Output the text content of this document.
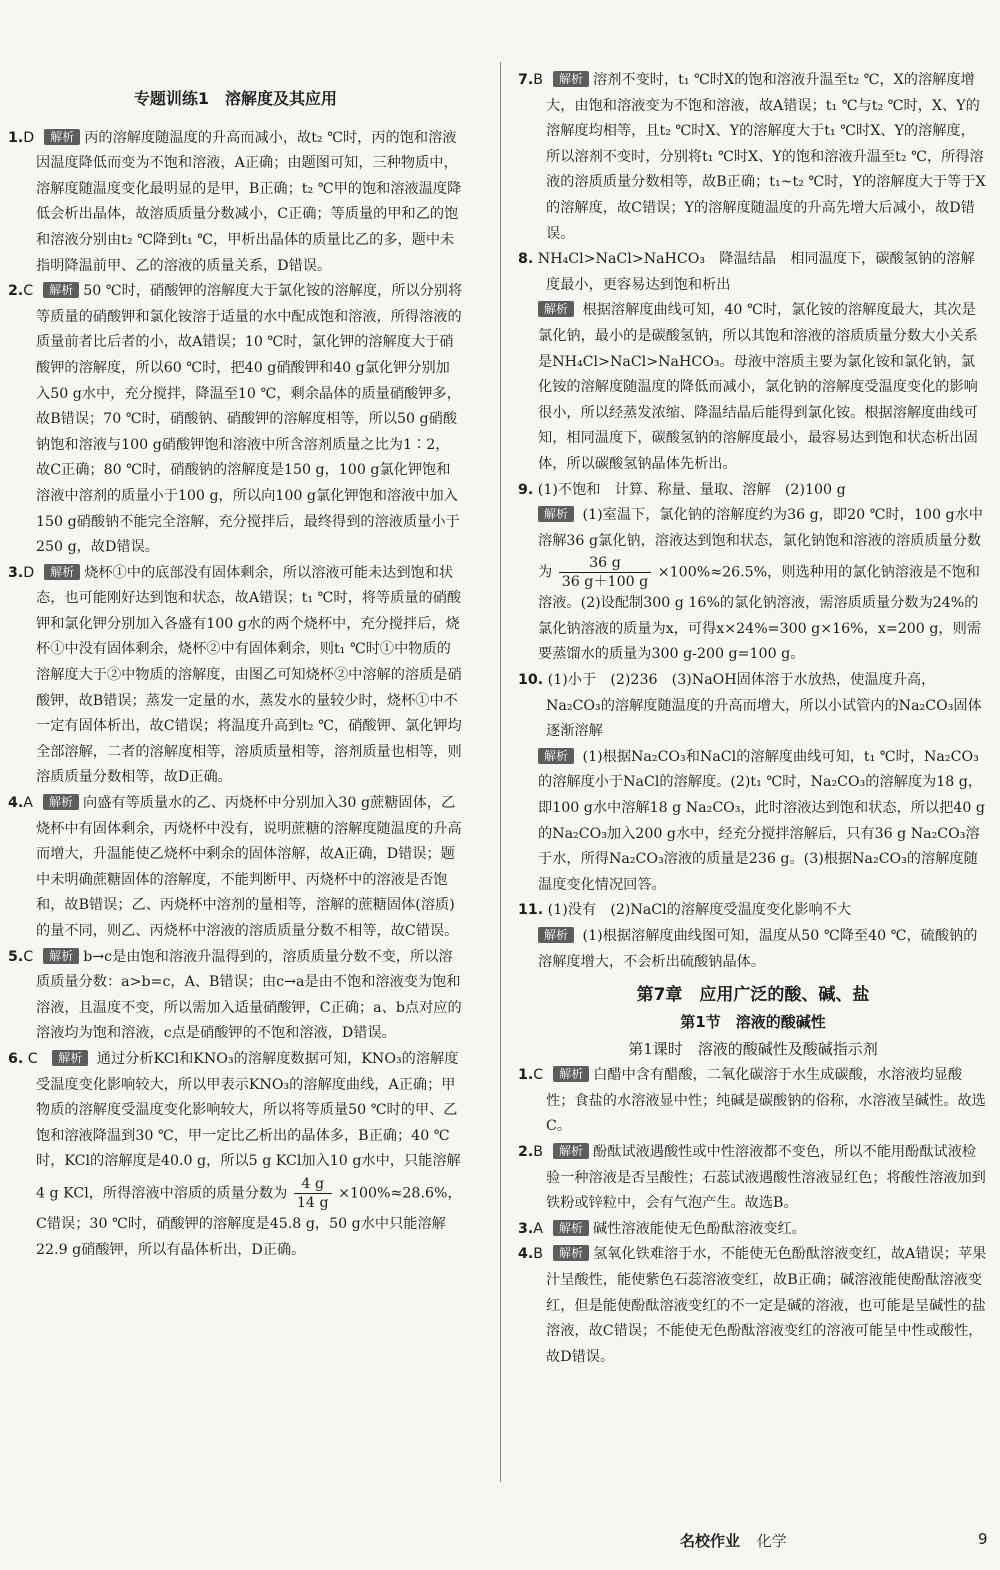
专题训练1　溶解度及其应用

1.D 解析 丙的溶解度随温度的升高而减小，故t₂ ℃时，丙的饱和溶液因温度降低而变为不饱和溶液，A正确；由题图可知，三种物质中，溶解度随温度变化最明显的是甲，B正确；t₂ ℃甲的饱和溶液温度降低会析出晶体，故溶质质量分数减小，C正确；等质量的甲和乙的饱和溶液分别由t₂ ℃降到t₁ ℃，甲析出晶体的质量比乙的多，题中未指明降温前甲、乙的溶液的质量关系，D错误。

2.C 解析 50 ℃时，硝酸钾的溶解度大于氯化铵的溶解度，所以分别将等质量的硝酸钾和氯化铵溶于适量的水中配成饱和溶液，所得溶液的质量前者比后者的小，故A错误；10 ℃时，氯化钾的溶解度大于硝酸钾的溶解度，所以60 ℃时，把40 g硝酸钾和40 g氯化钾分别加入50 g水中，充分搅拌，降温至10 ℃，剩余晶体的质量硝酸钾多，故B错误；70 ℃时，硝酸钠、硝酸钾的溶解度相等，所以50 g硝酸钠饱和溶液与100 g硝酸钾饱和溶液中所含溶剂质量之比为1∶2，故C正确；80 ℃时，硝酸钠的溶解度是150 g，100 g氯化钾饱和溶液中溶剂的质量小于100 g，所以向100 g氯化钾饱和溶液中加入150 g硝酸钠不能完全溶解，充分搅拌后，最终得到的溶液质量小于250 g，故D错误。

3.D 解析 烧杯①中的底部没有固体剩余，所以溶液可能未达到饱和状态，也可能刚好达到饱和状态，故A错误；t₁ ℃时，将等质量的硝酸钾和氯化钾分别加入各盛有100 g水的两个烧杯中，充分搅拌后，烧杯①中没有固体剩余，烧杯②中有固体剩余，则t₁ ℃时①中物质的溶解度大于②中物质的溶解度，由图乙可知烧杯②中溶解的溶质是硝酸钾，故B错误；蒸发一定量的水，蒸发水的量较少时，烧杯①中不一定有固体析出，故C错误；将温度升高到t₂ ℃，硝酸钾、氯化钾均全部溶解，二者的溶解度相等，溶质质量相等，溶剂质量也相等，则溶质质量分数相等，故D正确。

4.A 解析 向盛有等质量水的乙、丙烧杯中分别加入30 g蔗糖固体，乙烧杯中有固体剩余，丙烧杯中没有，说明蔗糖的溶解度随温度的升高而增大，升温能使乙烧杯中剩余的固体溶解，故A正确，D错误；题中未明确蔗糖固体的溶解度，不能判断甲、丙烧杯中的溶液是否饱和，故B错误；乙、丙烧杯中溶剂的量相等，溶解的蔗糖固体(溶质)的量不同，则乙、丙烧杯中溶液的溶质质量分数不相等，故C错误。

5.C 解析 b→c是由饱和溶液升温得到的，溶质质量分数不变，所以溶质质量分数：a>b=c，A、B错误；由c→a是由不饱和溶液变为饱和溶液，且温度不变，所以需加入适量硝酸钾，C正确；a、b点对应的溶液均为饱和溶液，c点是硝酸钾的不饱和溶液，D错误。

6. C 解析 通过分析KCl和KNO₃的溶解度数据可知，KNO₃的溶解度受温度变化影响较大，所以甲表示KNO₃的溶解度曲线，A正确；甲物质的溶解度受温度变化影响较大，所以将等质量50 ℃时的甲、乙饱和溶液降温到30 ℃，甲一定比乙析出的晶体多，B正确；40 ℃时，KCl的溶解度是40.0 g，所以5 g KCl加入10 g水中，只能溶解4 g KCl，所得溶液中溶质的质量分数为 $\frac{4 g}{14 g} \times 100\%\approx 28.6\%$，C错误；30 ℃时，硝酸钾的溶解度是45.8 g，50 g水中只能溶解22.9 g硝酸钾，所以有晶体析出，D正确。

7.B 解析 溶剂不变时，t₁ ℃时X的饱和溶液升温至t₂ ℃，X的溶解度增大，由饱和溶液变为不饱和溶液，故A错误；t₁ ℃与t₂ ℃时，X、Y的溶解度均相等，且t₂ ℃时X、Y的溶解度大于t₁ ℃时X、Y的溶解度，所以溶剂不变时，分别将t₁ ℃时X、Y的饱和溶液升温至t₂ ℃，所得溶液的溶质质量分数相等，故B正确；t₁~t₂ ℃时，Y的溶解度大于等于X的溶解度，故C错误；Y的溶解度随温度的升高先增大后减小，故D错误。

8. NH₄Cl>NaCl>NaHCO₃　降温结晶　相同温度下，碳酸氢钠的溶解度最小，更容易达到饱和析出

解析 根据溶解度曲线可知，40 ℃时，氯化铵的溶解度最大，其次是氯化钠，最小的是碳酸氢钠，所以其饱和溶液的溶质质量分数大小关系是NH₄Cl>NaCl>NaHCO₃。母液中溶质主要为氯化铵和氯化钠，氯化铵的溶解度随温度的降低而减小，氯化钠的溶解度受温度变化的影响很小，所以经蒸发浓缩、降温结晶后能得到氯化铵。根据溶解度曲线可知，相同温度下，碳酸氢钠的溶解度最小，最容易达到饱和状态析出固体，所以碳酸氢钠晶体先析出。

9. (1)不饱和　计算、称量、量取、溶解　(2)100 g

解析 (1)室温下，氯化钠的溶解度约为36 g，即20 ℃时，100 g水中溶解36 g氯化钠，溶液达到饱和状态，氯化钠饱和溶液的溶质质量分数为 $\frac{36 g}{36 g+100 g} \times 100\%\approx 26.5\%$，则选种用的氯化钠溶液是不饱和溶液。(2)设配制300 g 16%的氯化钠溶液，需溶质质量分数为24%的氯化钠溶液的质量为x，可得x×24%=300 g×16%，x=200 g，则需要蒸馏水的质量为300 g-200 g=100 g。

10. (1)小于　(2)236　(3)NaOH固体溶于水放热，使温度升高，Na₂CO₃的溶解度随温度的升高而增大，所以小试管内的Na₂CO₃固体逐渐溶解

解析 (1)根据Na₂CO₃和NaCl的溶解度曲线可知，t₁ ℃时，Na₂CO₃的溶解度小于NaCl的溶解度。(2)t₁ ℃时，Na₂CO₃的溶解度为18 g，即100 g水中溶解18 g Na₂CO₃，此时溶液达到饱和状态，所以把40 g的Na₂CO₃加入200 g水中，经充分搅拌溶解后，只有36 g Na₂CO₃溶于水，所得Na₂CO₃溶液的质量是236 g。(3)根据Na₂CO₃的溶解度随温度变化情况回答。

11. (1)没有　(2)NaCl的溶解度受温度变化影响不大

解析 (1)根据溶解度曲线图可知，温度从50 ℃降至40 ℃，硫酸钠的溶解度增大，不会析出硫酸钠晶体。

第7章　应用广泛的酸、碱、盐
第1节　溶液的酸碱性
第1课时　溶液的酸碱性及酸碱指示剂

1.C 解析 白醋中含有醋酸，二氧化碳溶于水生成碳酸，水溶液均显酸性；食盐的水溶液显中性；纯碱是碳酸钠的俗称，水溶液呈碱性。故选C。

2.B 解析 酚酞试液遇酸性或中性溶液都不变色，所以不能用酚酞试液检验一种溶液是否呈酸性；石蕊试液遇酸性溶液显红色；将酸性溶液加到铁粉或锌粒中，会有气泡产生。故选B。

3.A 解析 碱性溶液能使无色酚酞溶液变红。

4.B 解析 氢氧化铁难溶于水，不能使无色酚酞溶液变红，故A错误；苹果汁呈酸性，能使紫色石蕊溶液变红，故B正确；碱溶液能使酚酞溶液变红，但是能使酚酞溶液变红的不一定是碱的溶液，也可能是呈碱性的盐溶液，故C错误；不能使无色酚酞溶液变红的溶液可能呈中性或酸性，故D错误。

名校作业 化学	9
